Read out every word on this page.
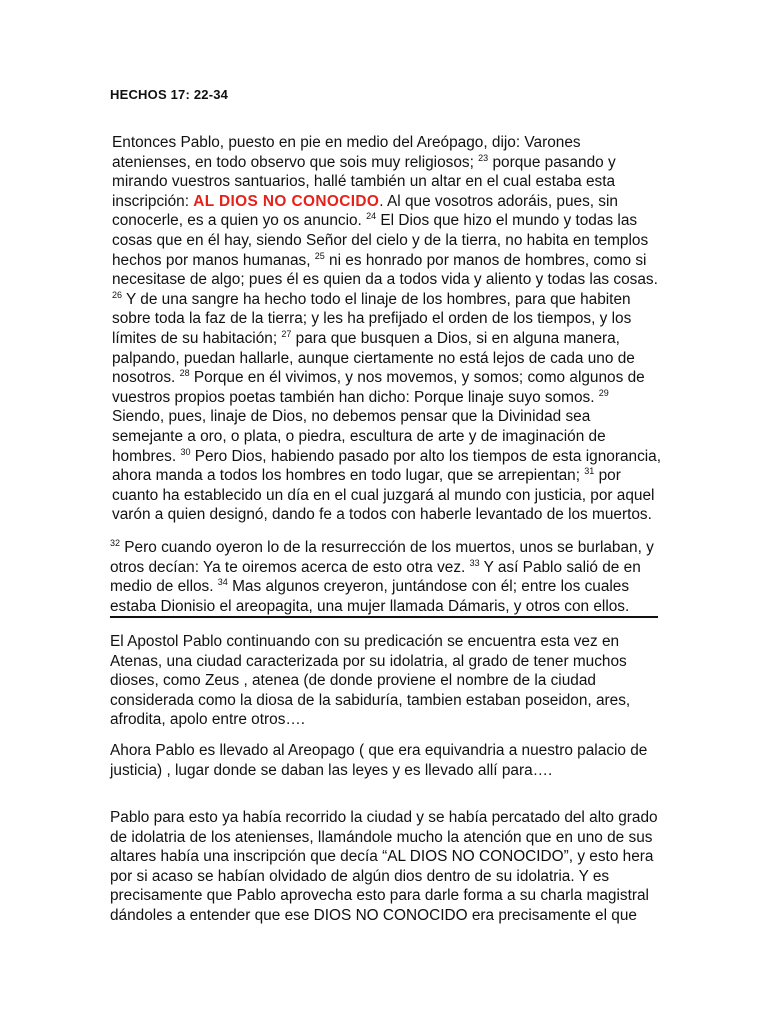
HECHOS 17: 22-34

Entonces Pablo, puesto en pie en medio del Areópago, dijo: Varones atenienses, en todo observo que sois muy religiosos; $^{23}$ porque pasando y mirando vuestros santuarios, hallé también un altar en el cual estaba esta inscripción: AL DIOS NO CONOCIDO. Al que vosotros adoráis, pues, sin conocerle, es a quien yo os anuncio. $^{24}$ El Dios que hizo el mundo y todas las cosas que en él hay, siendo Señor del cielo y de la tierra, no habita en templos hechos por manos humanas, $^{25}$ ni es honrado por manos de hombres, como si necesitase de algo; pues él es quien da a todos vida y aliento y todas las cosas. $^{26}$ Y de una sangre ha hecho todo el linaje de los hombres, para que habiten sobre toda la faz de la tierra; y les ha prefijado el orden de los tiempos, y los límites de su habitación; $^{27}$ para que busquen a Dios, si en alguna manera, palpando, puedan hallarle, aunque ciertamente no está lejos de cada uno de nosotros. $^{28}$ Porque en él vivimos, y nos movemos, y somos; como algunos de vuestros propios poetas también han dicho: Porque linaje suyo somos. $^{29}$ Siendo, pues, linaje de Dios, no debemos pensar que la Divinidad sea semejante a oro, o plata, o piedra, escultura de arte y de imaginación de hombres. $^{30}$ Pero Dios, habiendo pasado por alto los tiempos de esta ignorancia, ahora manda a todos los hombres en todo lugar, que se arrepientan; $^{31}$ por cuanto ha establecido un día en el cual juzgará al mundo con justicia, por aquel varón a quien designó, dando fe a todos con haberle levantado de los muertos.

$^{32}$ Pero cuando oyeron lo de la resurrección de los muertos, unos se burlaban, y otros decían: Ya te oiremos acerca de esto otra vez. $^{33}$ Y así Pablo salió de en medio de ellos. $^{34}$ Mas algunos creyeron, juntándose con él; entre los cuales estaba Dionisio el areopagita, una mujer llamada Dámaris, y otros con ellos.

El Apostol Pablo continuando con su predicación se encuentra esta vez en Atenas, una ciudad caracterizada por su idolatria, al grado de tener muchos dioses, como Zeus , atenea (de donde proviene el nombre de la ciudad considerada como la diosa de la sabiduría, tambien estaban poseidon, ares, afrodita, apolo entre otros….

Ahora Pablo es llevado al Areopago ( que era equivandria a nuestro palacio de justicia) , lugar donde se daban las leyes y es llevado allí para….

Pablo para esto ya había recorrido la ciudad y se había percatado del alto grado de idolatria de los atenienses, llamándole mucho la atención que en uno de sus altares había una inscripción que decía “AL DIOS NO CONOCIDO”, y esto hera por si acaso se habían olvidado de algún dios dentro de su idolatria. Y es precisamente que Pablo aprovecha esto para darle forma a su charla magistral dándoles a entender que ese DIOS NO CONOCIDO era precisamente el que
